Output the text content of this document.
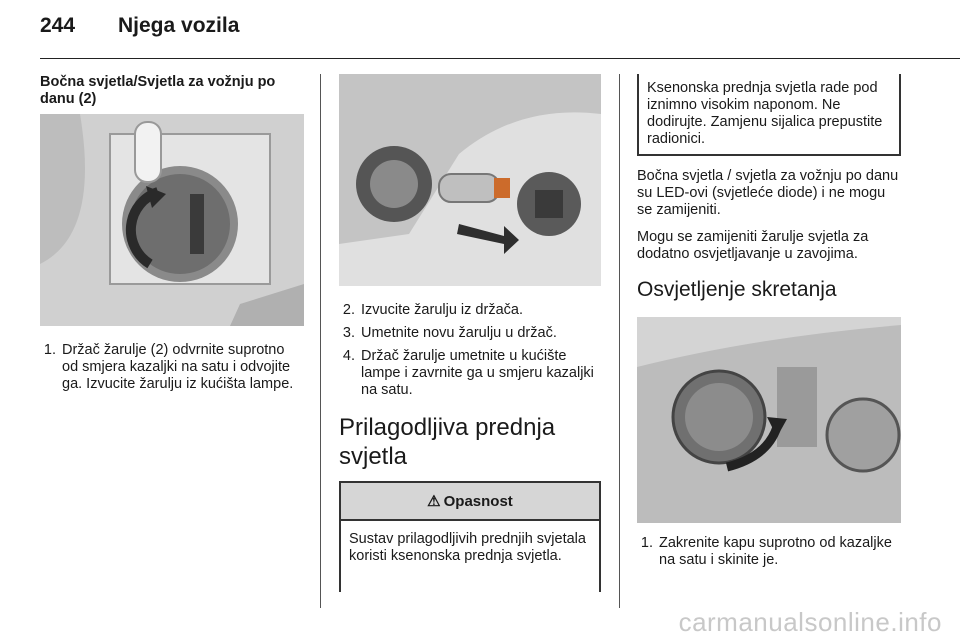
244	Njega vozila
Bočna svjetla/Svjetla za vožnju po danu (2)
1. Držač žarulje (2) odvrnite suprotno od smjera kazaljki na satu i odvojite ga. Izvucite žarulju iz kućišta lampe.
2. Izvucite žarulju iz držača.
3. Umetnite novu žarulju u držač.
4. Držač žarulje umetnite u kućište lampe i zavrnite ga u smjeru kazaljki na satu.
Prilagodljiva prednja svjetla
⚠ Opasnost
Sustav prilagodljivih prednjih svjetala koristi ksenonska prednja svjetla.
Ksenonska prednja svjetla rade pod iznimno visokim naponom. Ne dodirujte. Zamjenu sijalica prepustite radionici.
Bočna svjetla / svjetla za vožnju po danu su LED-ovi (svjetleće diode) i ne mogu se zamijeniti.
Mogu se zamijeniti žarulje svjetla za dodatno osvjetljavanje u zavojima.
Osvjetljenje skretanja
1. Zakrenite kapu suprotno od kazaljke na satu i skinite je.
carmanualsonline.info
